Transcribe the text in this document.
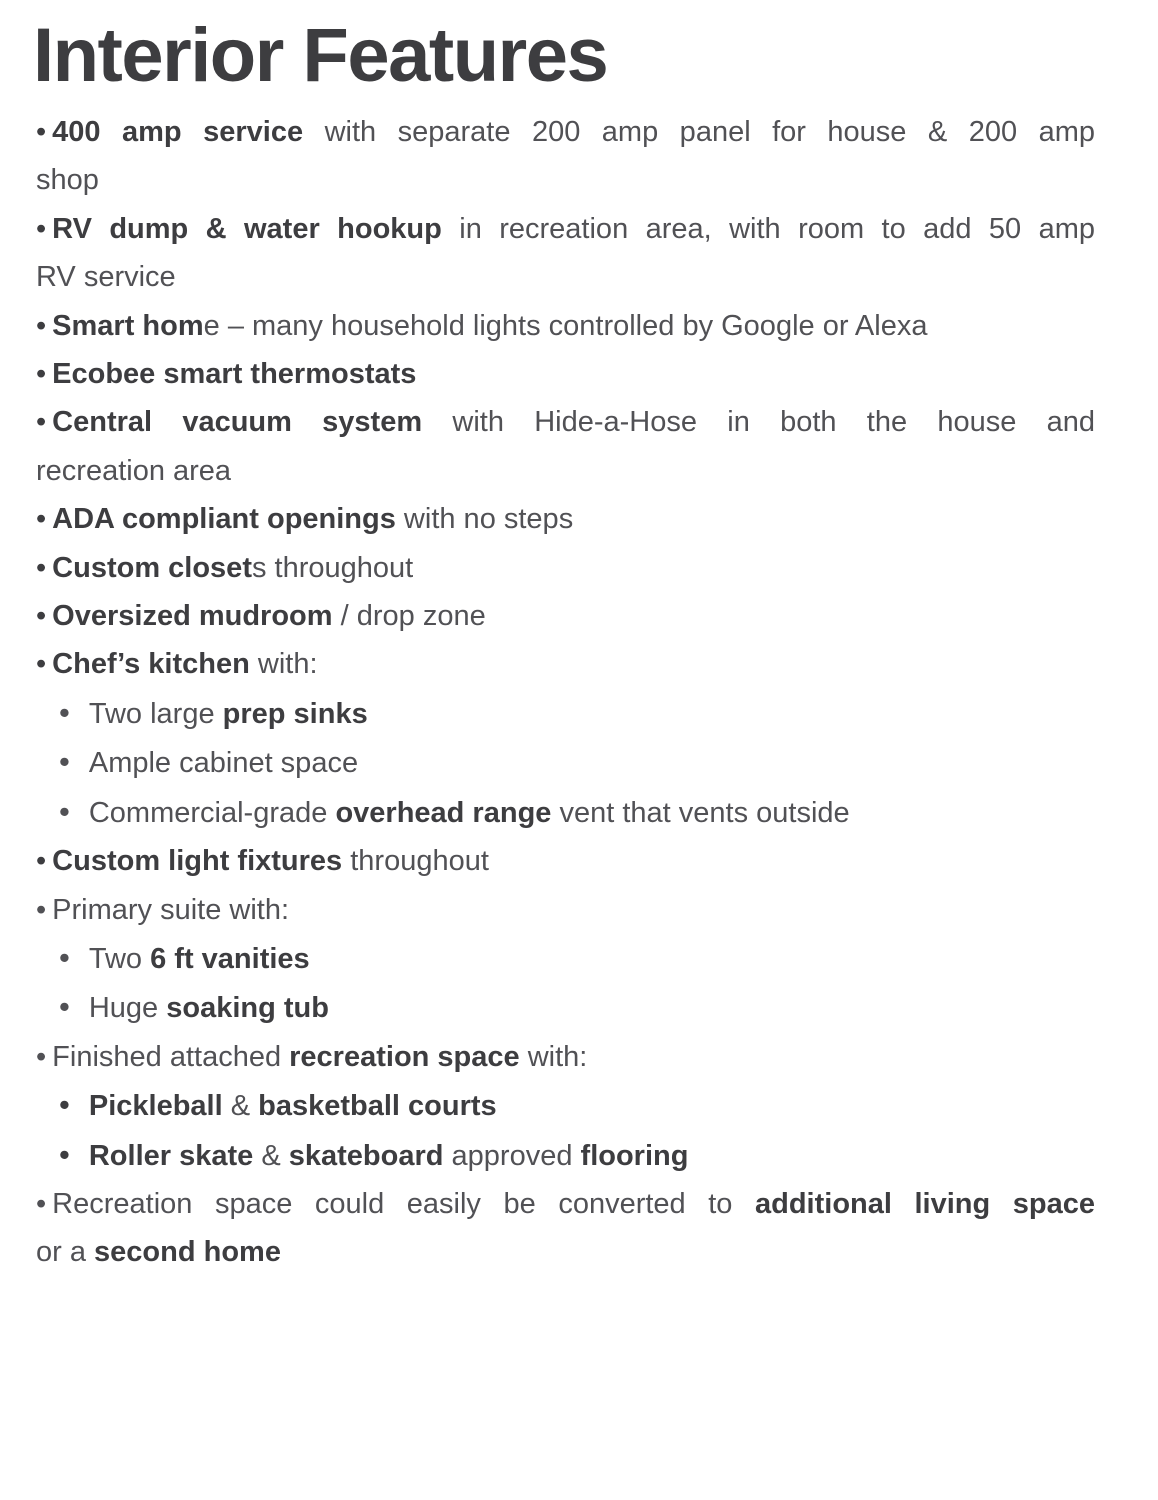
Interior Features
• 400 amp service with separate 200 amp panel for house & 200 amp
shop
• RV dump & water hookup in recreation area, with room to add 50 amp
RV service
• Smart home – many household lights controlled by Google or Alexa
• Ecobee smart thermostats
• Central vacuum system with Hide-a-Hose in both the house and
recreation area
• ADA compliant openings with no steps
• Custom closets throughout
• Oversized mudroom / drop zone
• Chef’s kitchen with:
• Two large prep sinks
• Ample cabinet space
• Commercial-grade overhead range vent that vents outside
• Custom light fixtures throughout
• Primary suite with:
• Two 6 ft vanities
• Huge soaking tub
• Finished attached recreation space with:
• Pickleball & basketball courts
• Roller skate & skateboard approved flooring
• Recreation space could easily be converted to additional living space
or a second home
